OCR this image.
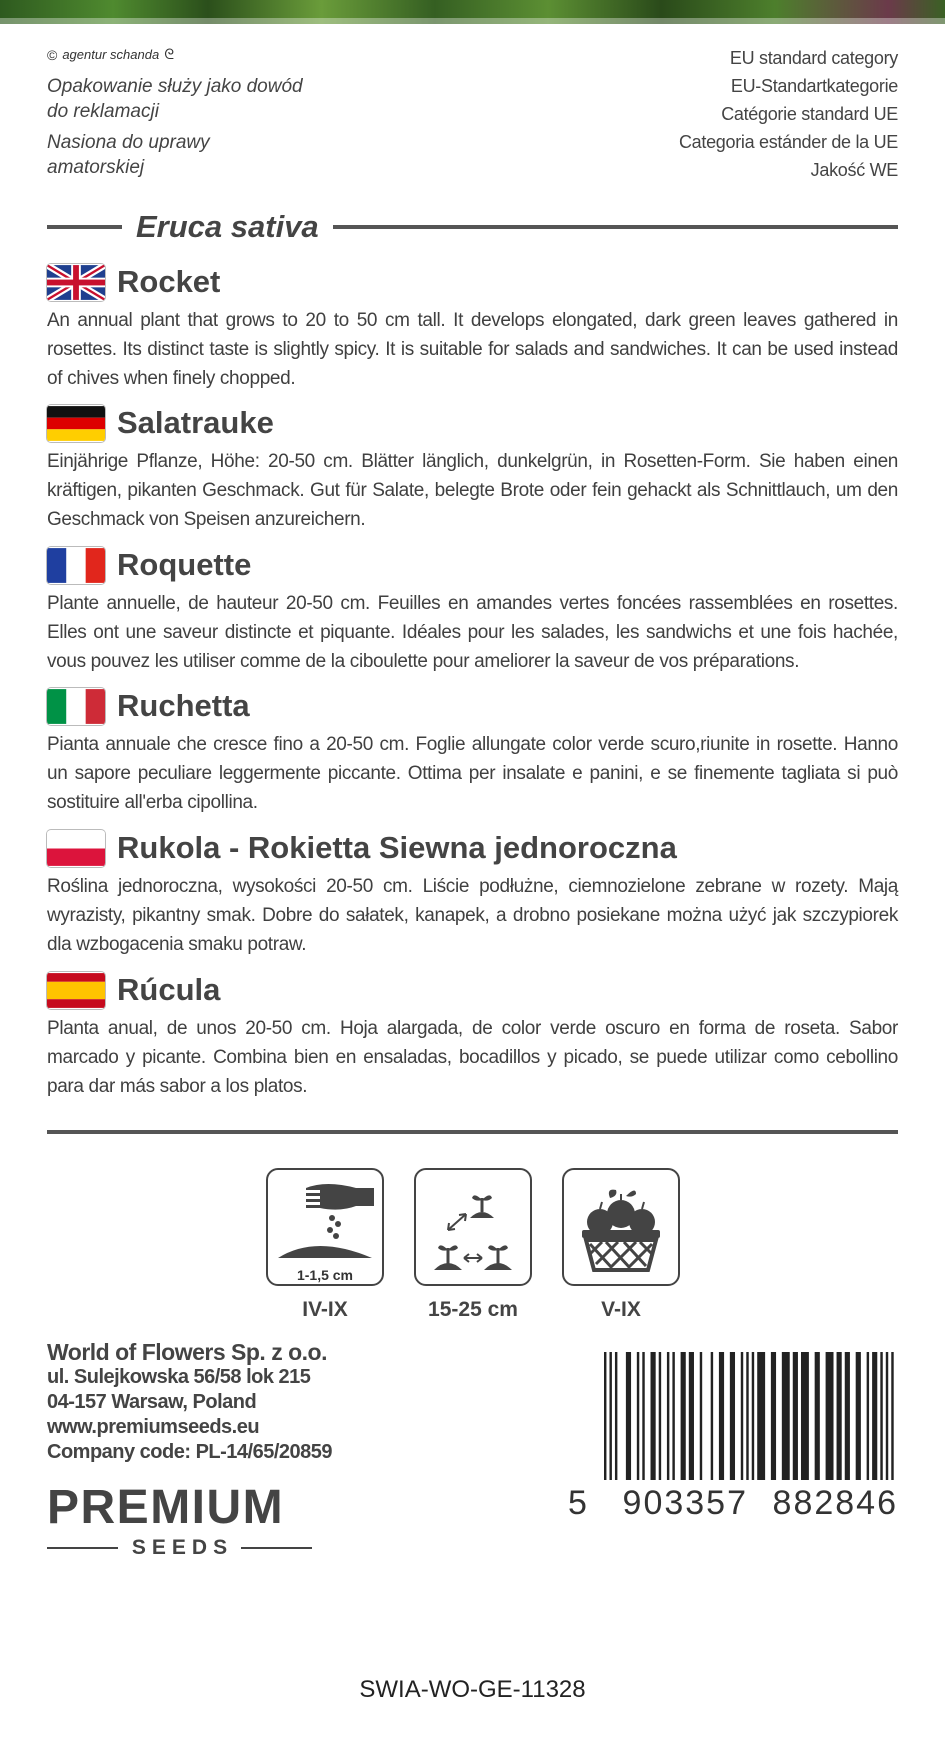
© agentur schanda ᘓ

Opakowanie służy jako dowód do reklamacji

Nasiona do uprawy amatorskiej

EU standard category
EU-Standartkategorie
Catégorie standard UE
Categoria estánder de la UE
Jakość WE
Eruca sativa
Rocket

An annual plant that grows to 20 to 50 cm tall. It develops elongated, dark green leaves gathered in rosettes. Its distinct taste is slightly spicy. It is suitable for salads and sandwiches. It can be used instead of chives when finely chopped.

Salatrauke

Einjährige Pflanze, Höhe: 20-50 cm. Blätter länglich, dunkelgrün, in Rosetten-Form. Sie haben einen kräftigen, pikanten Geschmack. Gut für Salate, belegte Brote oder fein gehackt als Schnittlauch, um den Geschmack von Speisen anzureichern.

Roquette

Plante annuelle, de hauteur 20-50 cm. Feuilles en amandes vertes foncées rassemblées en rosettes. Elles ont une saveur distincte et piquante. Idéales pour les salades, les sandwichs et une fois hachée, vous pouvez les utiliser comme de la ciboulette pour ameliorer la saveur de vos préparations.

Ruchetta

Pianta annuale che cresce fino a 20-50 cm. Foglie allungate color verde scuro,riunite in rosette. Hanno un sapore peculiare leggermente piccante. Ottima per insalate e panini, e se finemente tagliata si può sostituire all'erba cipollina.

Rukola - Rokietta Siewna jednoroczna

Roślina jednoroczna, wysokości 20-50 cm. Liście podłużne, ciemnozielone zebrane w rozety. Mają wyrazisty, pikantny smak. Dobre do sałatek, kanapek, a drobno posiekane można użyć jak szczypiorek dla wzbogacenia smaku potraw.

Rúcula

Planta anual, de unos 20-50 cm. Hoja alargada, de color verde oscuro en forma de roseta. Sabor marcado y picante. Combina bien en ensaladas, bocadillos y picado, se puede utilizar como cebollino para dar más sabor a los platos.

1-1,5 cm
IV-IX	15-25 cm	V-IX
World of Flowers Sp. z o.o.
ul. Sulejkowska 56/58 lok 215
04-157 Warsaw, Poland
www.premiumseeds.eu
Company code: PL-14/65/20859
PREMIUM
SEEDS
5	903357 882846
SWIA-WO-GE-11328
